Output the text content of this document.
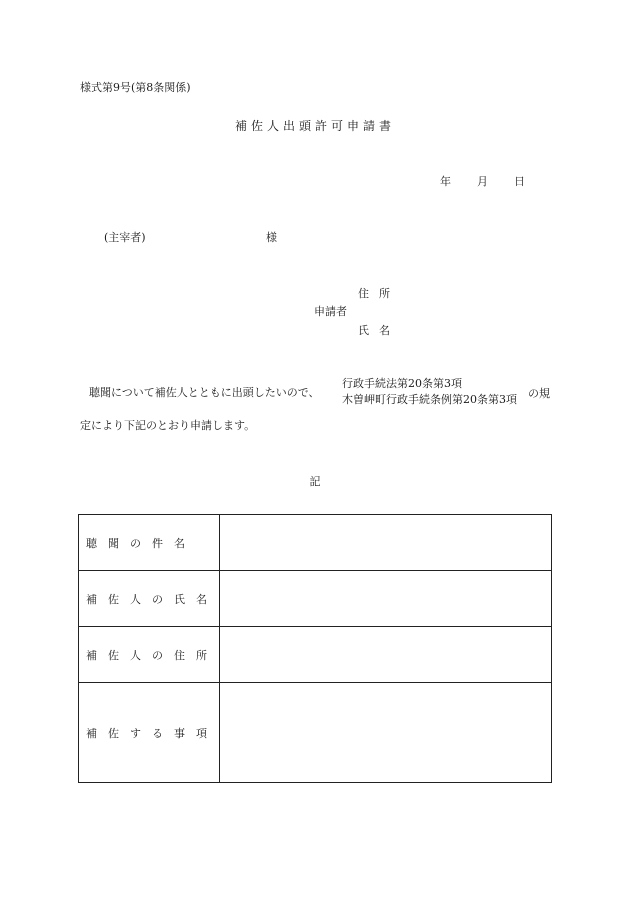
様式第9号(第8条関係)
補佐人出頭許可申請書
年 月 日
(主宰者)	様
住所
申請者
氏名
聴聞について補佐人とともに出頭したいので、
行政手続法第20条第3項
木曽岬町行政手続条例第20条第3項 の規
定により下記のとおり申請します。
記
聴聞の件名	
補佐人の氏名	
補佐人の住所	
補佐する事項	
